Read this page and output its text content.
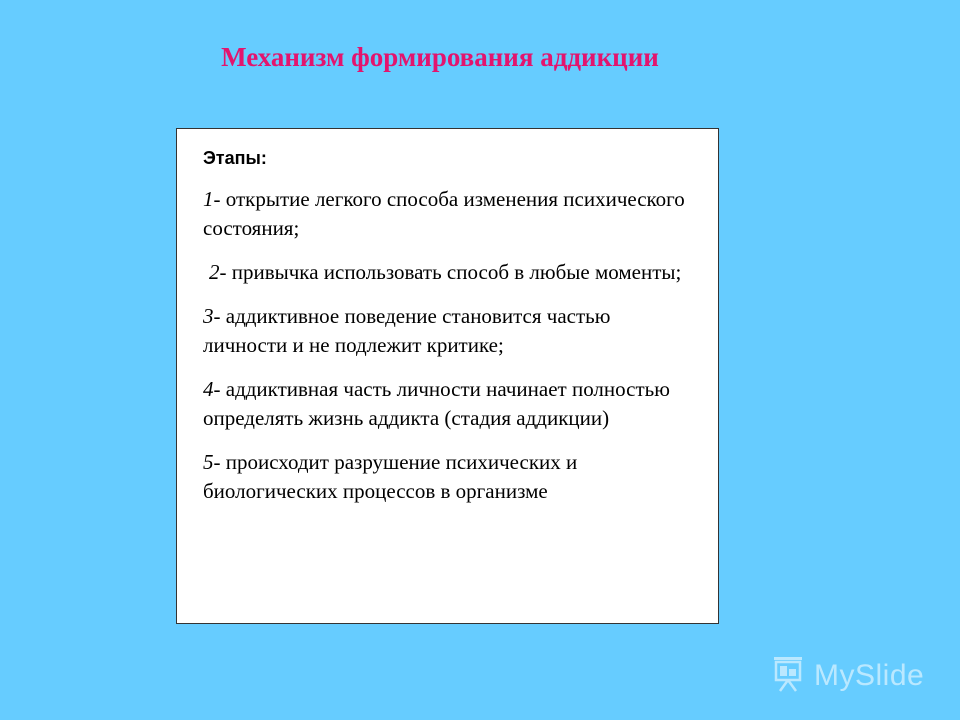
Механизм формирования аддикции
Этапы:
1- открытие легкого способа изменения психического состояния;
2- привычка использовать способ в любые моменты;
3- аддиктивное поведение становится частью личности и не подлежит критике;
4- аддиктивная часть личности начинает полностью определять жизнь аддикта (стадия аддикции)
5- происходит разрушение психических и биологических процессов в организме
MySlide
